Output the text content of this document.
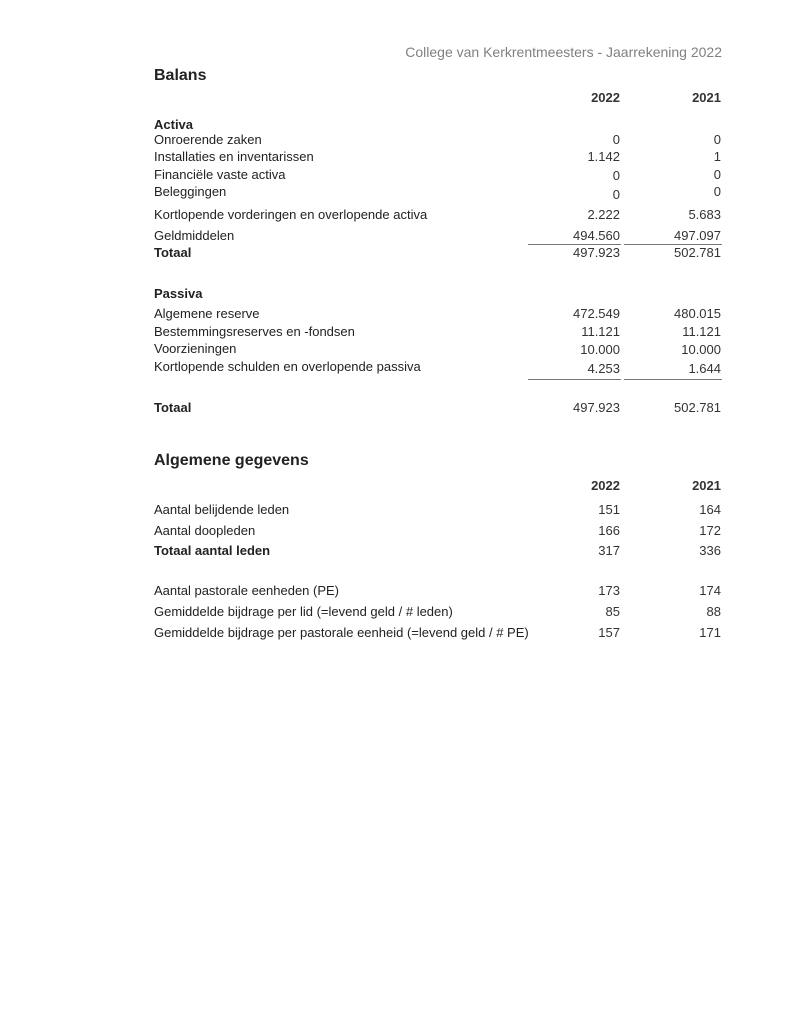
College van Kerkrentmeesters - Jaarrekening 2022
Balans
2022	2021
Activa
Onroerende zaken	0	0
Installaties en inventarissen	1.142	1
Financiële vaste activa	0	0
Beleggingen	0	0
Kortlopende vorderingen en overlopende activa	2.222	5.683
Geldmiddelen	494.560	497.097
Totaal	497.923	502.781
Passiva
Algemene reserve	472.549	480.015
Bestemmingsreserves en -fondsen	11.121	11.121
Voorzieningen	10.000	10.000
Kortlopende schulden en overlopende passiva	4.253	1.644
Totaal	497.923	502.781
Algemene gegevens
2022	2021
Aantal belijdende leden	151	164
Aantal doopleden	166	172
Totaal aantal leden	317	336
Aantal pastorale eenheden (PE)	173	174
Gemiddelde bijdrage per lid (=levend geld / # leden)	85	88
Gemiddelde bijdrage per pastorale eenheid (=levend geld / # PE)	157	171
